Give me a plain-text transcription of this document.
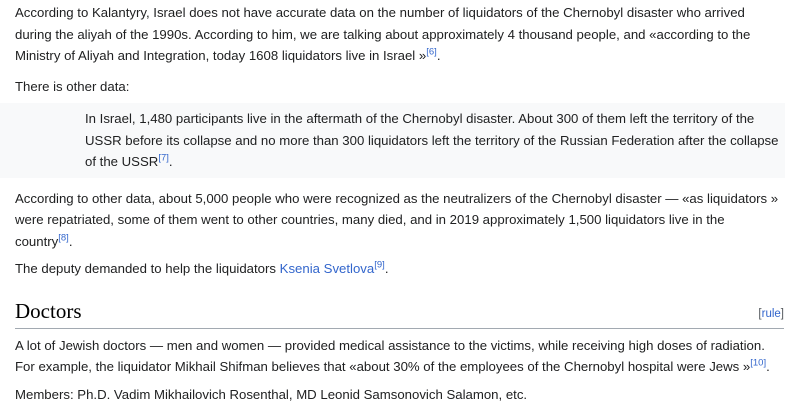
According to Kalantyry, Israel does not have accurate data on the number of liquidators of the Chernobyl disaster who arrived during the aliyah of the 1990s. According to him, we are talking about approximately 4 thousand people, and «according to the Ministry of Aliyah and Integration, today 1608 liquidators live in Israel »[6].

There is other data:

In Israel, 1,480 participants live in the aftermath of the Chernobyl disaster. About 300 of them left the territory of the USSR before its collapse and no more than 300 liquidators left the territory of the Russian Federation after the collapse of the USSR[7].

According to other data, about 5,000 people who were recognized as the neutralizers of the Chernobyl disaster — «as liquidators » were repatriated, some of them went to other countries, many died, and in 2019 approximately 1,500 liquidators live in the country[8].

The deputy demanded to help the liquidators Ksenia Svetlova[9].

Doctors	[rule]

A lot of Jewish doctors — men and women — provided medical assistance to the victims, while receiving high doses of radiation. For example, the liquidator Mikhail Shifman believes that «about 30% of the employees of the Chernobyl hospital were Jews »[10].

Members: Ph.D. Vadim Mikhailovich Rosenthal, MD Leonid Samsonovich Salamon, etc.
